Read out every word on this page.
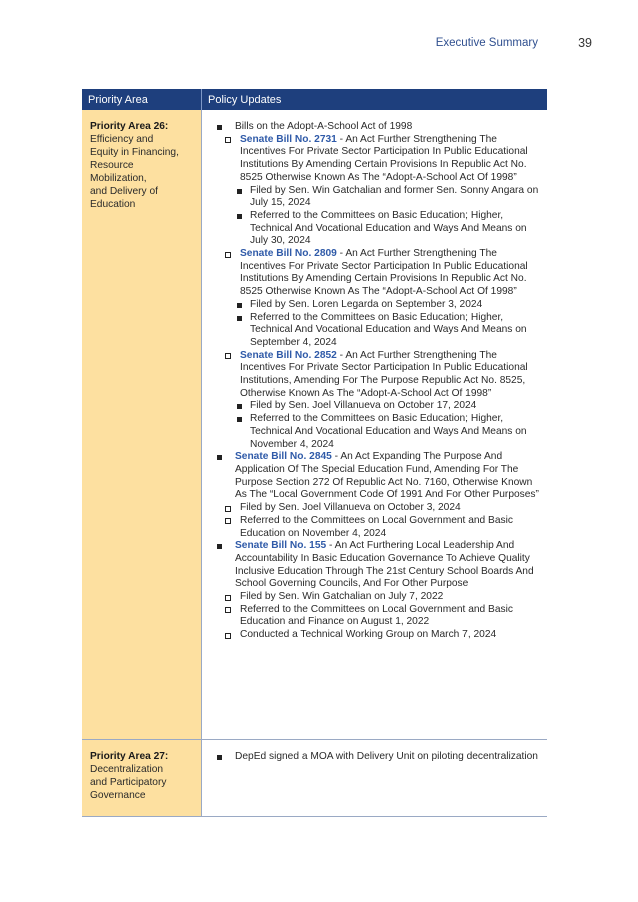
Executive Summary	39
Priority Area	Policy Updates
Priority Area 26:
Efficiency and
Equity in Financing,
Resource
Mobilization,
and Delivery of
Education
Bills on the Adopt-A-School Act of 1998
Senate Bill No. 2731 - An Act Further Strengthening The Incentives For Private Sector Participation In Public Educational Institutions By Amending Certain Provisions In Republic Act No. 8525 Otherwise Known As The “Adopt-A-School Act Of 1998”
Filed by Sen. Win Gatchalian and former Sen. Sonny Angara on July 15, 2024
Referred to the Committees on Basic Education; Higher, Technical And Vocational Education and Ways And Means on July 30, 2024
Senate Bill No. 2809 - An Act Further Strengthening The Incentives For Private Sector Participation In Public Educational Institutions By Amending Certain Provisions In Republic Act No. 8525 Otherwise Known As The “Adopt-A-School Act Of 1998”
Filed by Sen. Loren Legarda on September 3, 2024
Referred to the Committees on Basic Education; Higher, Technical And Vocational Education and Ways And Means on September 4, 2024
Senate Bill No. 2852 - An Act Further Strengthening The Incentives For Private Sector Participation In Public Educational Institutions, Amending For The Purpose Republic Act No. 8525, Otherwise Known As The “Adopt-A-School Act Of 1998”
Filed by Sen. Joel Villanueva on October 17, 2024
Referred to the Committees on Basic Education; Higher, Technical And Vocational Education and Ways And Means on November 4, 2024
Senate Bill No. 2845 - An Act Expanding The Purpose And Application Of The Special Education Fund, Amending For The Purpose Section 272 Of Republic Act No. 7160, Otherwise Known As The “Local Government Code Of 1991 And For Other Purposes”
Filed by Sen. Joel Villanueva on October 3, 2024
Referred to the Committees on Local Government and Basic Education on November 4, 2024
Senate Bill No. 155 - An Act Furthering Local Leadership And Accountability In Basic Education Governance To Achieve Quality Inclusive Education Through The 21st Century School Boards And School Governing Councils, And For Other Purpose
Filed by Sen. Win Gatchalian on July 7, 2022
Referred to the Committees on Local Government and Basic Education and Finance on August 1, 2022
Conducted a Technical Working Group on March 7, 2024
Priority Area 27:
Decentralization
and Participatory
Governance
DepEd signed a MOA with Delivery Unit on piloting decentralization
